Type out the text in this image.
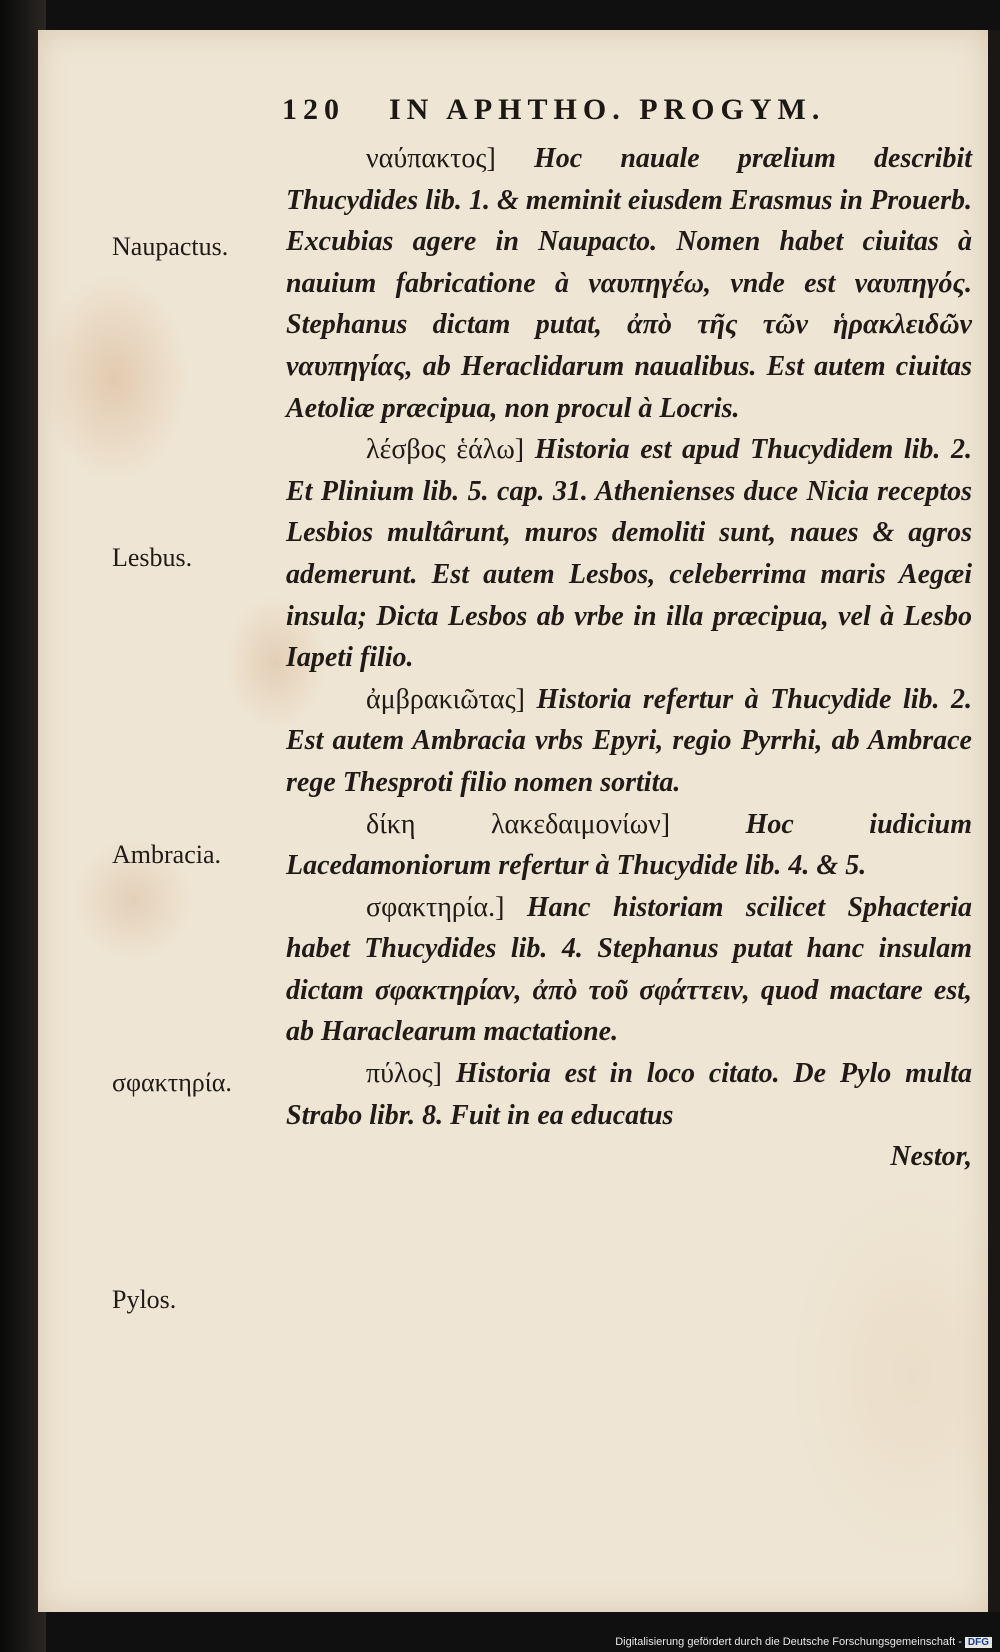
120 IN APHTHO. PROGYM.
Naupactus.
Lesbus.
Ambracia.
σφακτηρία.
Pylos.

ναύπακτος] Hoc nauale prælium describit Thucydides lib. 1. & meminit eiusdem Erasmus in Prouerb. Excubias agere in Naupacto. Nomen habet ciuitas à nauium fabricatione à ναυπηγέω, vnde est ναυπηγός. Stephanus dictam putat, ἀπὸ τῆς τῶν ἡρακλειδῶν ναυπηγίας, ab Heraclidarum naualibus. Est autem ciuitas Aetoliæ præcipua, non procul à Locris.

λέσβος ἑάλω] Historia est apud Thucydidem lib. 2. Et Plinium lib. 5. cap. 31. Athenienses duce Nicia receptos Lesbios multârunt, muros demoliti sunt, naues & agros ademerunt. Est autem Lesbos, celeberrima maris Aegæi insula; Dicta Lesbos ab vrbe in illa præcipua, vel à Lesbo Iapeti filio.

ἀμβρακιῶτας] Historia refertur à Thucydide lib. 2. Est autem Ambracia vrbs Epyri, regio Pyrrhi, ab Ambrace rege Thesproti filio nomen sortita.

δίκη λακεδαιμονίων]	Hoc iudicium Lacedamoniorum refertur à Thucydide lib. 4. & 5.

σφακτηρία.] Hanc historiam scilicet Sphacteria habet Thucydides lib. 4. Stephanus putat hanc insulam dictam σφακτηρίαν, ἀπὸ τοῦ σφάττειν, quod mactare est, ab Haraclearum mactatione.

πύλος] Historia est in loco citato. De Pylo multa Strabo libr. 8. Fuit in ea educatus

Nestor,

Digitalisierung gefördert durch die Deutsche Forschungsgemeinschaft - DFG
